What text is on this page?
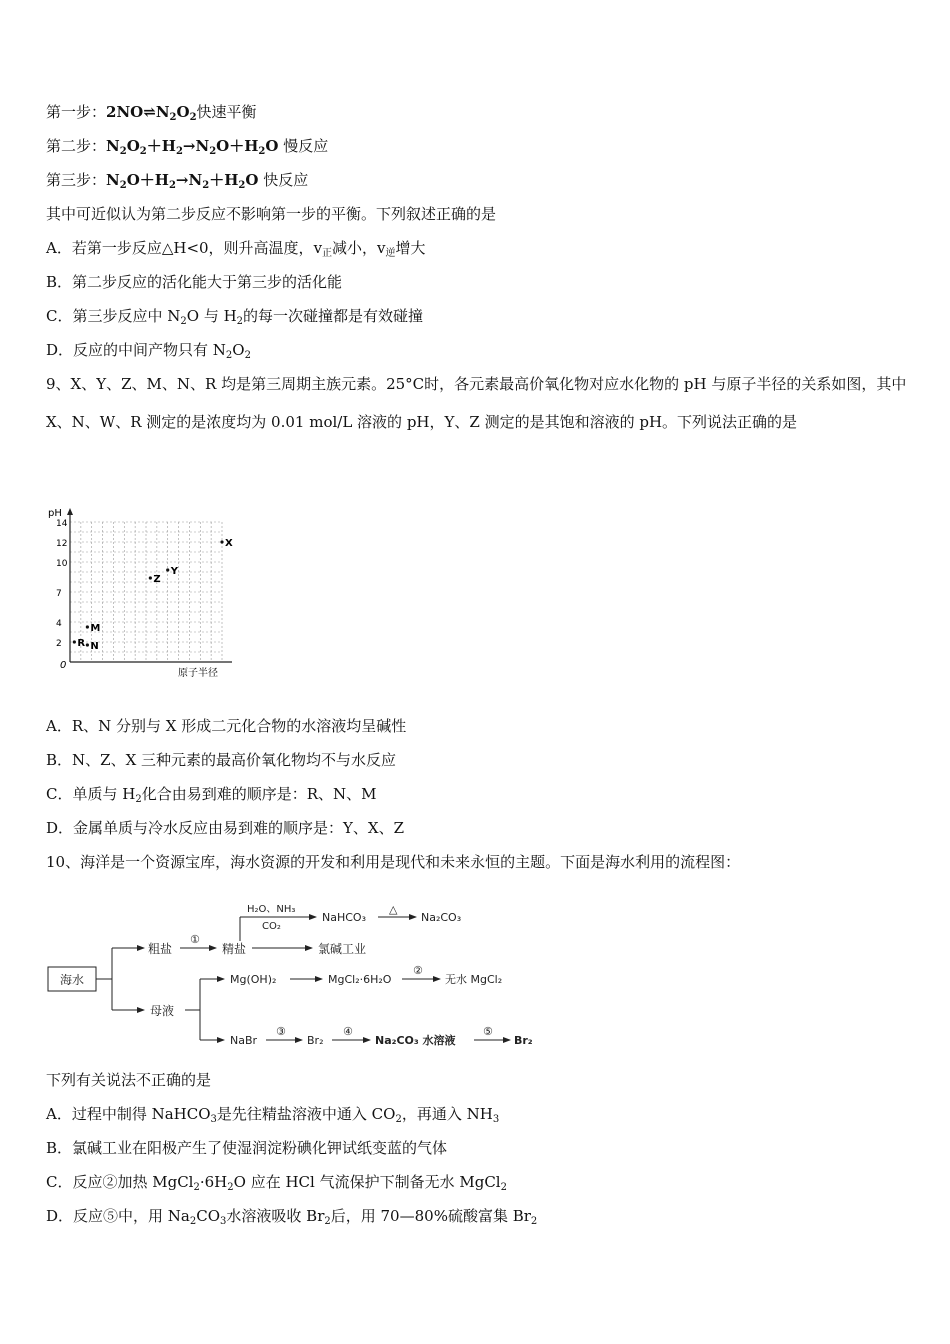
第一步：$2NO\rightleftharpoons N_2O_2$快速平衡
第二步：$N_2O_2+H_2\to N_2O+H_2O$ 慢反应
第三步：$N_2O+H_2\to N_2+H_2O$ 快反应
其中可近似认为第二步反应不影响第一步的平衡。下列叙述正确的是
A．若第一步反应△H<0，则升高温度，$v_正$减小，$v_逆$增大
B．第二步反应的活化能大于第三步的活化能
C．第三步反应中 $N_2O$ 与 $H_2$的每一次碰撞都是有效碰撞
D．反应的中间产物只有 $N_2O_2$
9、X、Y、Z、M、N、R 均是第三周期主族元素。25°C时，各元素最高价氧化物对应水化物的 pH 与原子半径的关系如图，其中 X、N、W、R 测定的是浓度均为 0.01 mol/L 溶液的 pH，Y、Z 测定的是其饱和溶液的 pH。下列说法正确的是
pH
0
原子半径
14
12
10
7
4
2
X
Y
Z
M
R N
A．R、N 分别与 X 形成二元化合物的水溶液均呈碱性
B．N、Z、X 三种元素的最高价氧化物均不与水反应
C．单质与 $H_2$化合由易到难的顺序是：R、N、M
D．金属单质与冷水反应由易到难的顺序是：Y、X、Z
10、海洋是一个资源宝库，海水资源的开发和利用是现代和未来永恒的主题。下面是海水利用的流程图：
海水
粗盐
①
精盐
H₂O、NH₃
CO₂
NaHCO₃
△
Na₂CO₃
氯碱工业
母液
Mg(OH)₂	MgCl₂·6H₂O
②
无水 MgCl₂
NaBr
③
Br₂
④
Na₂CO₃ 水溶液
⑤
Br₂
下列有关说法不正确的是
A．过程中制得 NaHCO$_3$是先往精盐溶液中通入 $CO_2$，再通入 $NH_3$
B．氯碱工业在阳极产生了使湿润淀粉碘化钾试纸变蓝的气体
C．反应②加热 $MgCl_2\cdot 6H_2O$ 应在 HCl 气流保护下制备无水 MgCl$_2$
D．反应⑤中，用 $Na_2CO_3$水溶液吸收 $Br_2$后，用 70—80%硫酸富集 $Br_2$
